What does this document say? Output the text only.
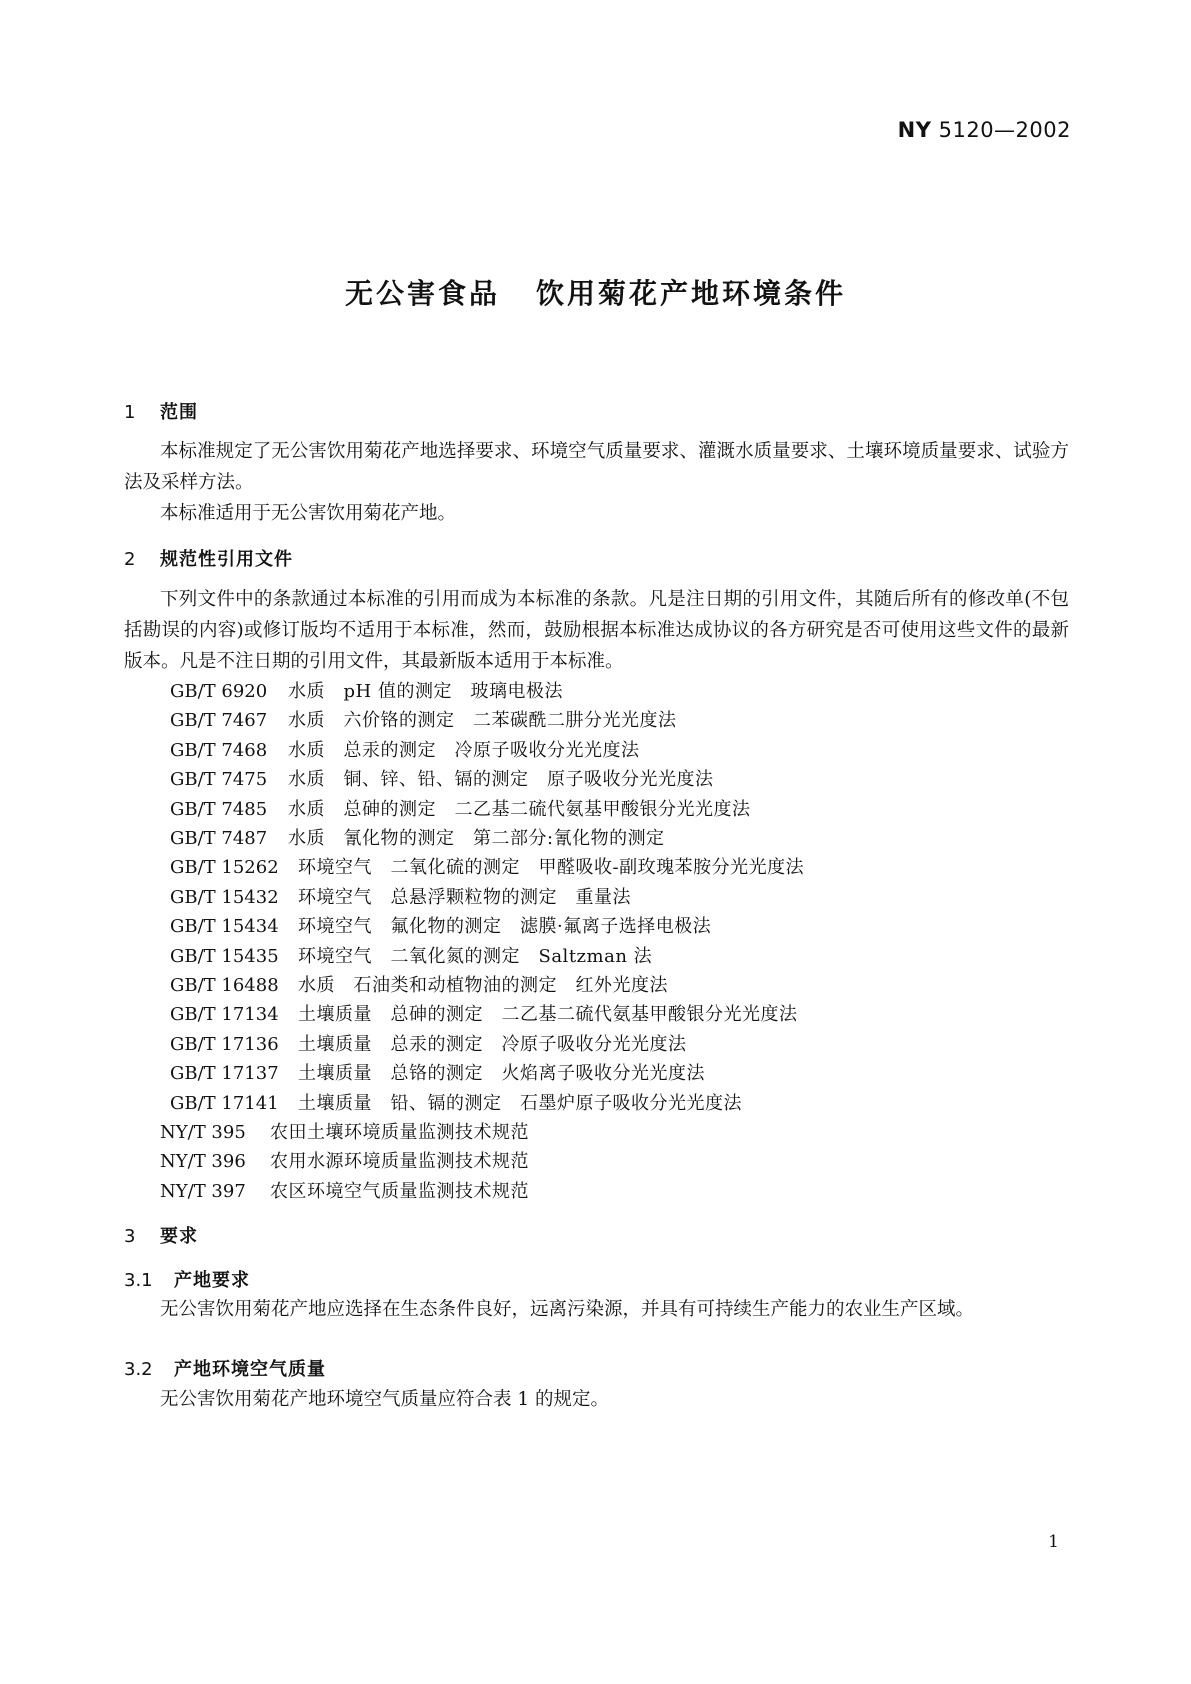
NY 5120—2002
无公害食品 饮用菊花产地环境条件
1 范围
本标准规定了无公害饮用菊花产地选择要求、环境空气质量要求、灌溉水质量要求、土壤环境质量要求、试验方法及采样方法。
本标准适用于无公害饮用菊花产地。
2 规范性引用文件
下列文件中的条款通过本标准的引用而成为本标准的条款。凡是注日期的引用文件，其随后所有的修改单(不包括勘误的内容)或修订版均不适用于本标准，然而，鼓励根据本标准达成协议的各方研究是否可使用这些文件的最新版本。凡是不注日期的引用文件，其最新版本适用于本标准。
GB/T 6920 水质　pH 值的测定　玻璃电极法
GB/T 7467 水质　六价铬的测定　二苯碳酰二肼分光光度法
GB/T 7468 水质　总汞的测定　冷原子吸收分光光度法
GB/T 7475 水质　铜、锌、铅、镉的测定　原子吸收分光光度法
GB/T 7485 水质　总砷的测定　二乙基二硫代氨基甲酸银分光光度法
GB/T 7487 水质　氰化物的测定　第二部分:氰化物的测定
GB/T 15262 环境空气　二氧化硫的测定　甲醛吸收-副玫瑰苯胺分光光度法
GB/T 15432 环境空气　总悬浮颗粒物的测定　重量法
GB/T 15434 环境空气　氟化物的测定　滤膜·氟离子选择电极法
GB/T 15435 环境空气　二氧化氮的测定　Saltzman 法
GB/T 16488 水质　石油类和动植物油的测定　红外光度法
GB/T 17134 土壤质量　总砷的测定　二乙基二硫代氨基甲酸银分光光度法
GB/T 17136 土壤质量　总汞的测定　冷原子吸收分光光度法
GB/T 17137 土壤质量　总铬的测定　火焰离子吸收分光光度法
GB/T 17141 土壤质量　铅、镉的测定　石墨炉原子吸收分光光度法
NY/T 395 农田土壤环境质量监测技术规范
NY/T 396 农用水源环境质量监测技术规范
NY/T 397 农区环境空气质量监测技术规范
3 要求
3.1 产地要求
无公害饮用菊花产地应选择在生态条件良好，远离污染源，并具有可持续生产能力的农业生产区域。
3.2 产地环境空气质量
无公害饮用菊花产地环境空气质量应符合表 1 的规定。
1
